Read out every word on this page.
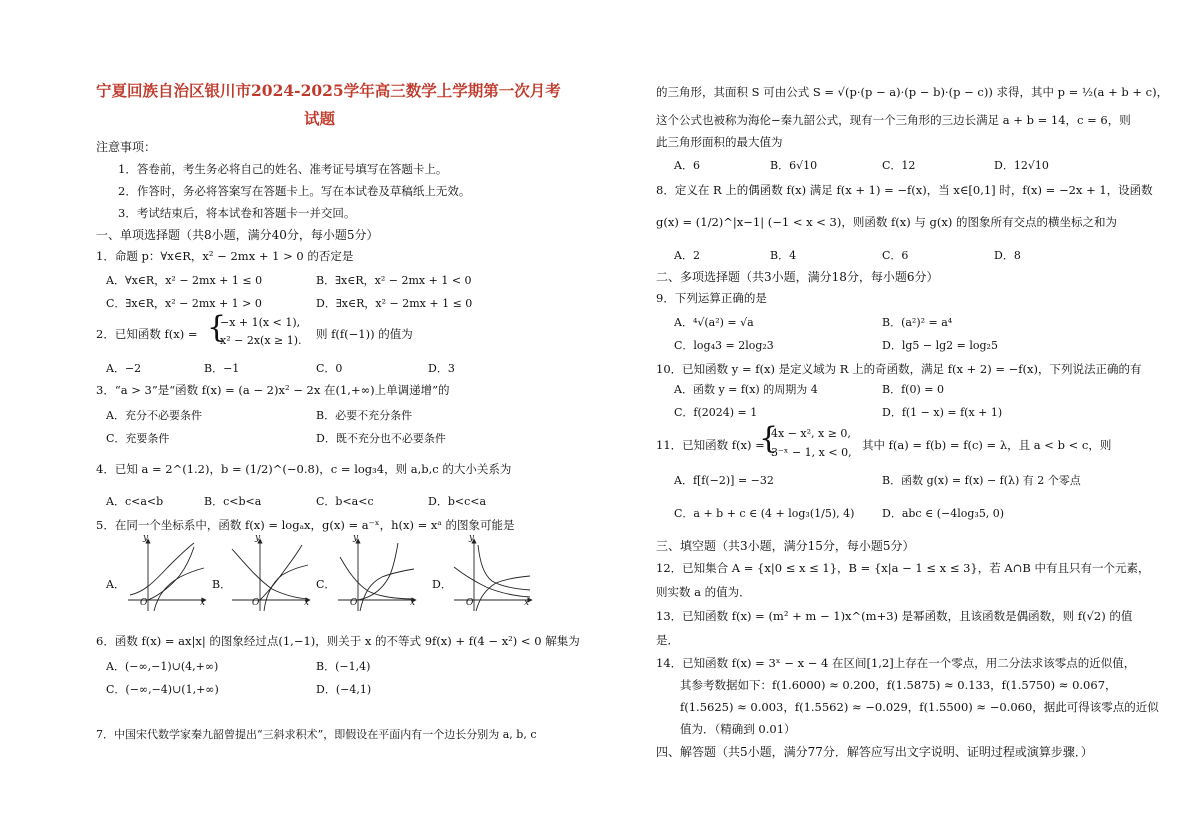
宁夏回族自治区银川市2024-2025学年高三数学上学期第一次月考
试题
注意事项：
1．答卷前，考生务必将自己的姓名、准考证号填写在答题卡上。
2．作答时，务必将答案写在答题卡上。写在本试卷及草稿纸上无效。
3．考试结束后，将本试卷和答题卡一并交回。
一、单项选择题（共8小题，满分40分，每小题5分）
1．命题 p：∀x∈R，x² − 2mx + 1 > 0 的否定是
A．∀x∈R，x² − 2mx + 1 ≤ 0	B．∃x∈R，x² − 2mx + 1 < 0
C．∃x∈R，x² − 2mx + 1 > 0	D．∃x∈R，x² − 2mx + 1 ≤ 0
2．已知函数 f(x) = {
−x + 1(x < 1),
x² − 2x(x ≥ 1). 则 f(f(−1)) 的值为
A．−2	B．−1	C．0	D．3
3．“a > 3”是“函数 f(x) = (a − 2)x² − 2x 在(1,+∞)上单调递增”的
A．充分不必要条件	B．必要不充分条件
C．充要条件	D．既不充分也不必要条件
4．已知 a = 2^(1.2)，b = (1/2)^(−0.8)，c = log₃4，则 a,b,c 的大小关系为
A．c<a<b	B．c<b<a	C．b<a<c	D．b<c<a
5．在同一个坐标系中，函数 f(x) = logₐx，g(x) = a⁻ˣ，h(x) = xᵃ 的图象可能是
A．
y
O	x
B．
y
O	x
C．
y
O	x
D．
y
O	x
6．函数 f(x) = ax|x| 的图象经过点(1,−1)，则关于 x 的不等式 9f(x) + f(4 − x²) < 0 解集为
A．(−∞,−1)∪(4,+∞)	B．(−1,4)
C．(−∞,−4)∪(1,+∞)	D．(−4,1)
7．中国宋代数学家秦九韶曾提出“三斜求积术”，即假设在平面内有一个边长分别为 a, b, c
的三角形，其面积 S 可由公式 S = √(p·(p − a)·(p − b)·(p − c)) 求得，其中 p = ½(a + b + c)，
这个公式也被称为海伦−秦九韶公式，现有一个三角形的三边长满足 a + b = 14，c = 6，则
此三角形面积的最大值为
A．6	B．6√10	C．12	D．12√10
8．定义在 R 上的偶函数 f(x) 满足 f(x + 1) = −f(x)，当 x∈[0,1] 时，f(x) = −2x + 1，设函数
g(x) = (1/2)^|x−1| (−1 < x < 3)，则函数 f(x) 与 g(x) 的图象所有交点的横坐标之和为
A．2	B．4	C．6	D．8
二、多项选择题（共3小题，满分18分，每小题6分）
9．下列运算正确的是
A．⁴√(a²) = √a	B．(a²)² = a⁴
C．log₄3 = 2log₂3	D．lg5 − lg2 = log₂5
10．已知函数 y = f(x) 是定义域为 R 上的奇函数，满足 f(x + 2) = −f(x)，下列说法正确的有
A．函数 y = f(x) 的周期为 4	B．f(0) = 0
C．f(2024) = 1	D．f(1 − x) = f(x + 1)
11．已知函数 f(x) =
{
4x − x², x ≥ 0,
3⁻ˣ − 1, x < 0,
其中 f(a) = f(b) = f(c) = λ，且 a < b < c，则
A．f[f(−2)] = −32	B．函数 g(x) = f(x) − f(λ) 有 2 个零点
C．a + b + c ∈ (4 + log₃(1/5), 4)	D．abc ∈ (−4log₃5, 0)
三、填空题（共3小题，满分15分，每小题5分）
12．已知集合 A = {x|0 ≤ x ≤ 1}，B = {x|a − 1 ≤ x ≤ 3}，若 A∩B 中有且只有一个元素，
则实数 a 的值为．
13．已知函数 f(x) = (m² + m − 1)x^(m+3) 是幂函数，且该函数是偶函数，则 f(√2) 的值
是．
14．已知函数 f(x) = 3ˣ − x − 4 在区间[1,2]上存在一个零点，用二分法求该零点的近似值，
其参考数据如下：f(1.6000) ≈ 0.200，f(1.5875) ≈ 0.133，f(1.5750) ≈ 0.067，
f(1.5625) ≈ 0.003，f(1.5562) ≈ −0.029，f(1.5500) ≈ −0.060，据此可得该零点的近似
值为．（精确到 0.01）
四、解答题（共5小题，满分77分．解答应写出文字说明、证明过程或演算步骤．）
